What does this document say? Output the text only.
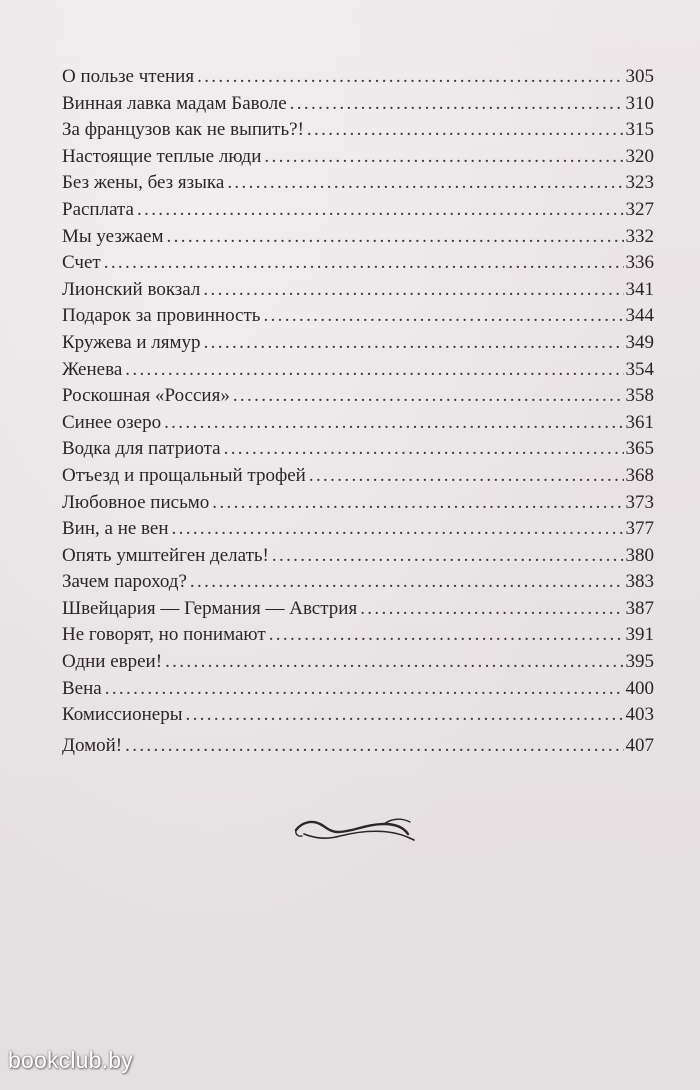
О пользе чтения . . .	305
Винная лавка мадам Баволе . . .	310
За французов как не выпить?! . . .	315
Настоящие теплые люди . . .	320
Без жены, без языка . . .	323
Расплата . . .	327
Мы уезжаем . . .	332
Счет . . .	336
Лионский вокзал . . .	341
Подарок за провинность . . .	344
Кружева и лямур . . .	349
Женева . . .	354
Роскошная «Россия» . . .	358
Синее озеро . . .	361
Водка для патриота . . .	365
Отъезд и прощальный трофей . . .	368
Любовное письмо . . .	373
Вин, а не вен . . .	377
Опять умштейген делать! . . .	380
Зачем пароход? . . .	383
Швейцария — Германия — Австрия . . .	387
Не говорят, но понимают . . .	391
Одни евреи! . . .	395
Вена . . .	400
Комиссионеры . . .	403
Домой! . . .	407
bookclub.by
